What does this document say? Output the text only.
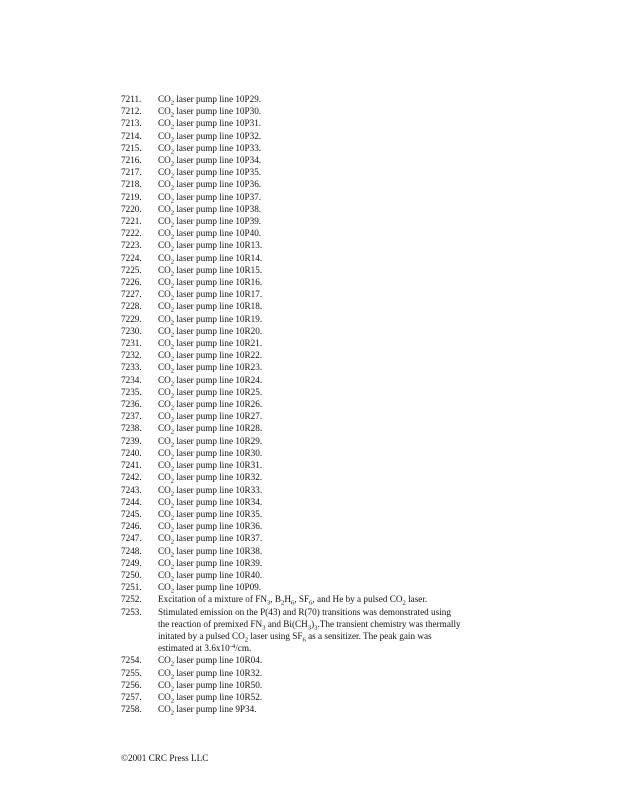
7211.	$CO_2$ laser pump line 10P29.
7212.	$CO_2$ laser pump line 10P30.
7213.	$CO_2$ laser pump line 10P31.
7214.	$CO_2$ laser pump line 10P32.
7215.	$CO_2$ laser pump line 10P33.
7216.	$CO_2$ laser pump line 10P34.
7217.	$CO_2$ laser pump line 10P35.
7218.	$CO_2$ laser pump line 10P36.
7219.	$CO_2$ laser pump line 10P37.
7220.	$CO_2$ laser pump line 10P38.
7221.	$CO_2$ laser pump line 10P39.
7222.	$CO_2$ laser pump line 10P40.
7223.	$CO_2$ laser pump line 10R13.
7224.	$CO_2$ laser pump line 10R14.
7225.	$CO_2$ laser pump line 10R15.
7226.	$CO_2$ laser pump line 10R16.
7227.	$CO_2$ laser pump line 10R17.
7228.	$CO_2$ laser pump line 10R18.
7229.	$CO_2$ laser pump line 10R19.
7230.	$CO_2$ laser pump line 10R20.
7231.	$CO_2$ laser pump line 10R21.
7232.	$CO_2$ laser pump line 10R22.
7233.	$CO_2$ laser pump line 10R23.
7234.	$CO_2$ laser pump line 10R24.
7235.	$CO_2$ laser pump line 10R25.
7236.	$CO_2$ laser pump line 10R26.
7237.	$CO_2$ laser pump line 10R27.
7238.	$CO_2$ laser pump line 10R28.
7239.	$CO_2$ laser pump line 10R29.
7240.	$CO_2$ laser pump line 10R30.
7241.	$CO_2$ laser pump line 10R31.
7242.	$CO_2$ laser pump line 10R32.
7243.	$CO_2$ laser pump line 10R33.
7244.	$CO_2$ laser pump line 10R34.
7245.	$CO_2$ laser pump line 10R35.
7246.	$CO_2$ laser pump line 10R36.
7247.	$CO_2$ laser pump line 10R37.
7248.	$CO_2$ laser pump line 10R38.
7249.	$CO_2$ laser pump line 10R39.
7250.	$CO_2$ laser pump line 10R40.
7251.	$CO_2$ laser pump line 10P09.
7252.	Excitation of a mixture of $FN_3$, $B_2H_6$, $SF_6$, and He by a pulsed $CO_2$ laser.
7253.	Stimulated emission on the P(43) and R(70) transitions was demonstrated using
the reaction of premixed $FN_3$ and $Bi(CH_3)_3.The$ transient chemistry was thermally
initated by a pulsed $CO_2$ laser using $SF_6$ as a sensitizer. The peak gain was
estimated at $3.6x10^{-4}/cm$.
7254.	$CO_2$ laser pump line 10R04.
7255.	$CO_2$ laser pump line 10R32.
7256.	$CO_2$ laser pump line 10R50.
7257.	$CO_2$ laser pump line 10R52.
7258.	$CO_2$ laser pump line 9P34.
©2001 CRC Press LLC
